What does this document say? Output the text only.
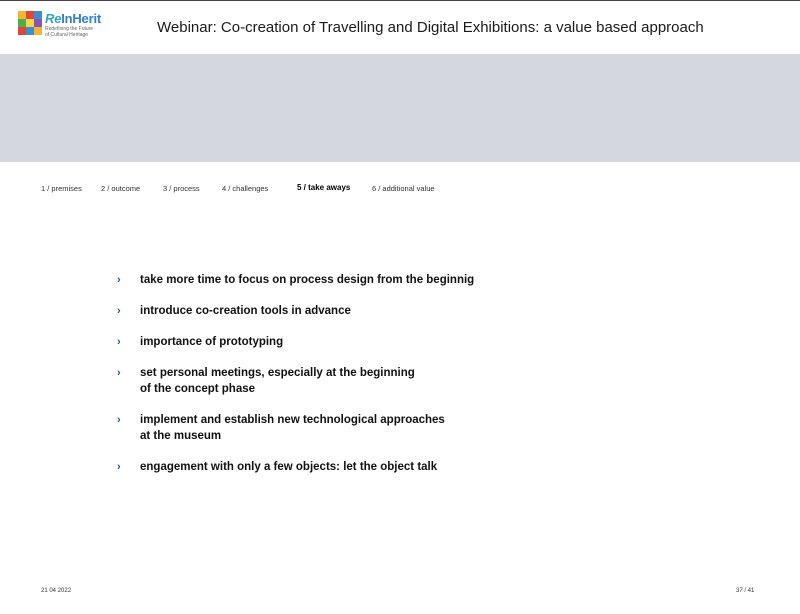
ReInHerit
Redefining the Future
of Cultural Heritage	Webinar: Co-creation of Travelling and Digital Exhibitions: a value based approach
1 / premises	2 / outcome	3 / process	4 / challenges	5 / take aways	6 / additional value
› take more time to focus on process design from the beginnig
› introduce co-creation tools in advance
› importance of prototyping
› set personal meetings, especially at the beginning
of the concept phase
› implement and establish new technological approaches
at the museum
› engagement with only a few objects: let the object talk
21 04 2022	37 / 41
